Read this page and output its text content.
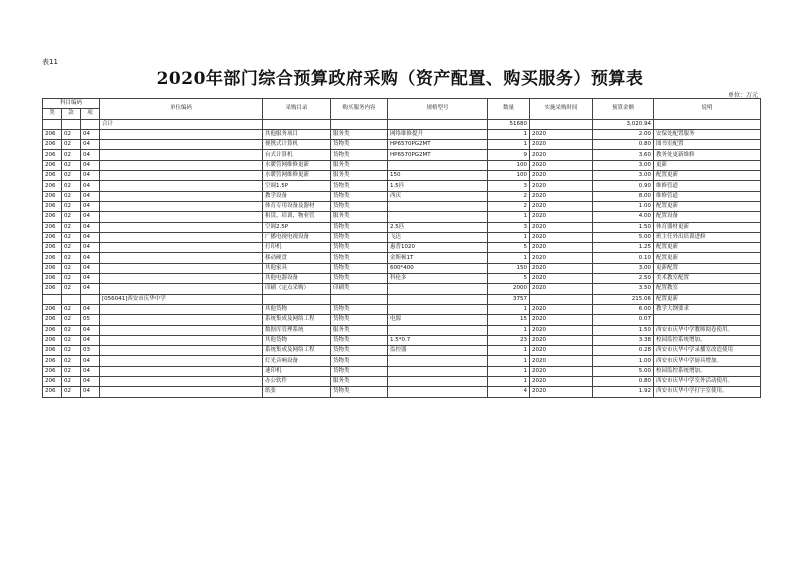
表11
2020年部门综合预算政府采购（资产配置、购买服务）预算表
单位：万元
科目编码			单位编码	采购目录	购买服务内容	规格型号	数量	实施采购时间	预算金额	说明
类	款	项								
			合计				51680		3,020.94	
206	02	04		其他服务项目	服务类	网络维修提升	1	2020	2.00	安保处配置服务
206	02	04		便携式计算机	货物类	HP6570PG2MT	1	2020	0.80	图书室配置
206	02	04		台式计算机	货物类	HP6570PG2MT	9	2020	3.60	教务处更新维修
206	02	04		水暖管网维修更新	服务类		100	2020	3.00	更新
206	02	04		水暖管网维修更新	服务类	150	100	2020	3.00	配置更新
206	02	04		空调1.5P	货物类	1.5匹	3	2020	0.90	维修管道
206	02	04		教学设备	货物类	西庆	2	2020	8.00	维修管道
206	02	04		体育专用设备及器材	货物类		2	2020	1.00	配置更新
206	02	04		租赁、培训、物业管	服务类		1	2020	4.00	配置设备
206	02	04		空调2.5P	货物类	2.5匹	3	2020	1.50	体育器材更新
206	02	04		广播电视电视设备	货物类	飞达	1	2020	5.00	班主任外出培训进修
206	02	04		打印机	货物类	惠普1020	5	2020	1.25	配置更新
206	02	04		移动硬盘	货物类	金斯顿1T	1	2020	0.10	配置更新
206	02	04		其他家具	货物类	600*400	150	2020	3.00	更新配置
206	02	04		其他电器设备	货物类	科伦多	5	2020	2.50	美术教室配置
206	02	04		印刷（定点采购）	印刷类		2000	2020	3.50	配置教室
			[056041]西安市庆华中学				3757		215.06	配置更新
206	02	04		其他货物	货物类		1	2020	6.00	教学大纲要求
206	02	05		系统集成及网络工程	货物类	电源	15	2020	0.07	
206	02	04		数据库管理系统	服务类		1	2020	1.50	西安市庆华中学教师阅卷使用。
206	02	04		其他货物	货物类	1.5*0.7	23	2020	3.38	校园监控系统增加。
206	02	03		系统集成及网络工程	货物类	监控器	1	2020	0.28	西安市庆华中学录播室改造使用
206	02	04		灯光音响设备	货物类		1	2020	1.00	西安市庆华中学厨具增加。
206	02	04		速印机	货物类		1	2020	5.00	校园监控系统增加。
206	02	04		办公软件	服务类		1	2020	0.80	西安市庆华中学室外活动使用。
206	02	04		纸张	货物类		4	2020	1.92	西安市庆华中学打字室使用。
